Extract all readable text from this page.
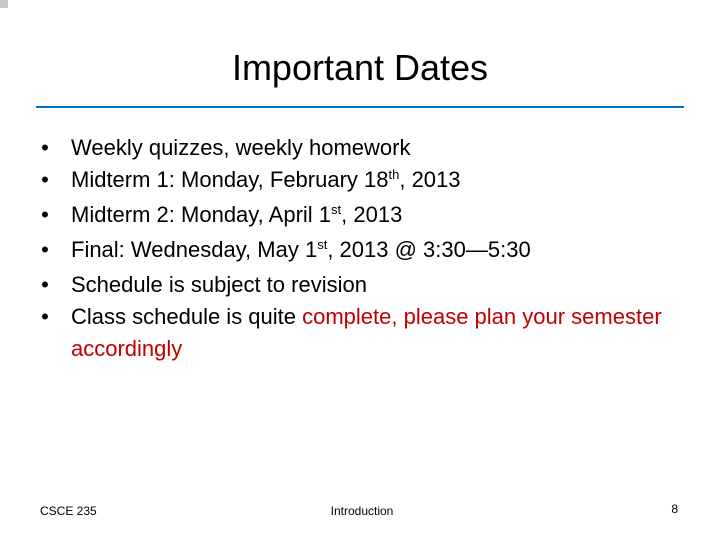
Important Dates
• Weekly quizzes, weekly homework
• Midterm 1: Monday, February 18th, 2013
• Midterm 2: Monday, April 1st, 2013
• Final: Wednesday, May 1st, 2013 @ 3:30—5:30
• Schedule is subject to revision
• Class schedule is quite complete, please plan your semester accordingly
CSCE 235	Introduction	8
